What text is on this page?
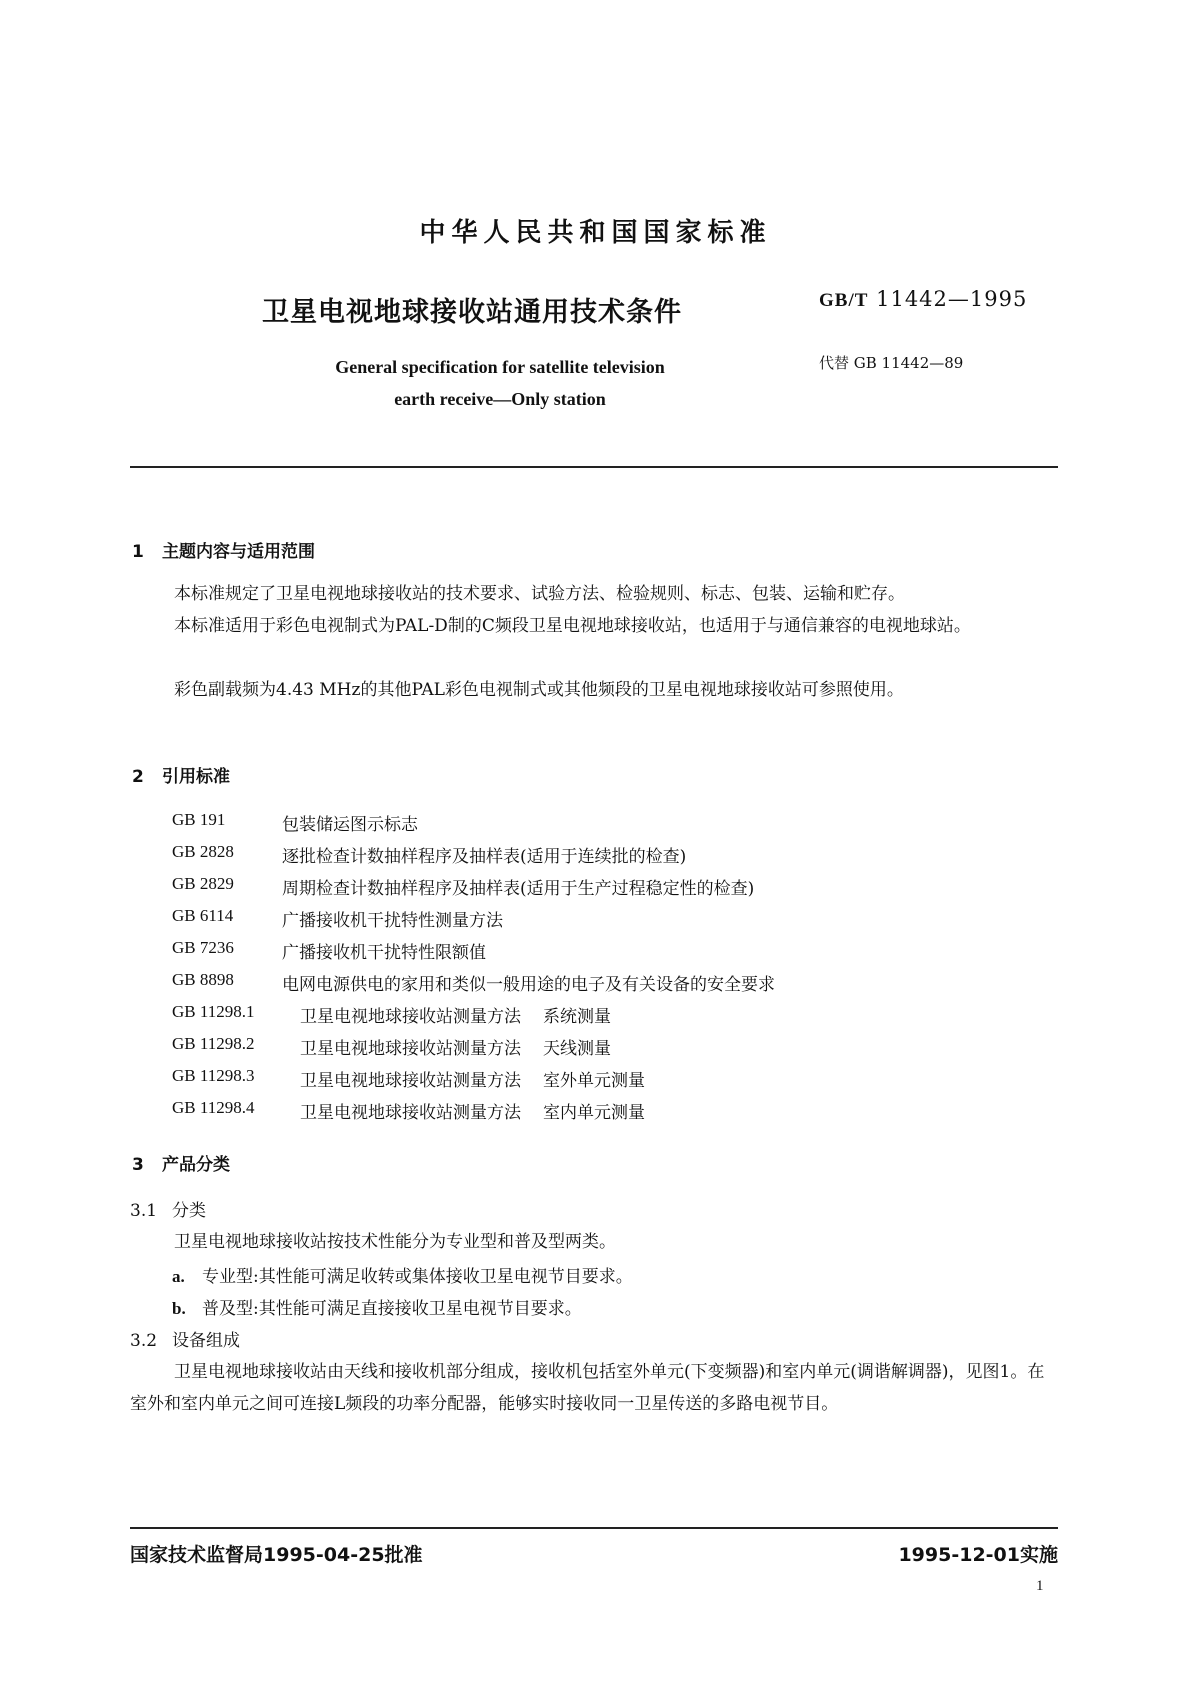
中华人民共和国国家标准
卫星电视地球接收站通用技术条件	GB/T 11442—1995
代替 GB 11442—89
General specification for satellite television
earth receive—Only station
1 主题内容与适用范围
本标准规定了卫星电视地球接收站的技术要求、试验方法、检验规则、标志、包装、运输和贮存。
本标准适用于彩色电视制式为PAL-D制的C频段卫星电视地球接收站，也适用于与通信兼容的电视地球站。
彩色副载频为4.43 MHz的其他PAL彩色电视制式或其他频段的卫星电视地球接收站可参照使用。
2 引用标准
GB 191	包装储运图示标志
GB 2828	逐批检查计数抽样程序及抽样表(适用于连续批的检查)
GB 2829	周期检查计数抽样程序及抽样表(适用于生产过程稳定性的检查)
GB 6114	广播接收机干扰特性测量方法
GB 7236	广播接收机干扰特性限额值
GB 8898	电网电源供电的家用和类似一般用途的电子及有关设备的安全要求
GB 11298.1	卫星电视地球接收站测量方法 系统测量
GB 11298.2	卫星电视地球接收站测量方法 天线测量
GB 11298.3	卫星电视地球接收站测量方法 室外单元测量
GB 11298.4	卫星电视地球接收站测量方法 室内单元测量
3 产品分类
3.1 分类
卫星电视地球接收站按技术性能分为专业型和普及型两类。
a. 专业型:其性能可满足收转或集体接收卫星电视节目要求。
b. 普及型:其性能可满足直接接收卫星电视节目要求。
3.2 设备组成
卫星电视地球接收站由天线和接收机部分组成，接收机包括室外单元(下变频器)和室内单元(调谐解调器)，见图1。在室外和室内单元之间可连接L频段的功率分配器，能够实时接收同一卫星传送的多路电视节目。
国家技术监督局1995-04-25批准	1995-12-01实施
1
